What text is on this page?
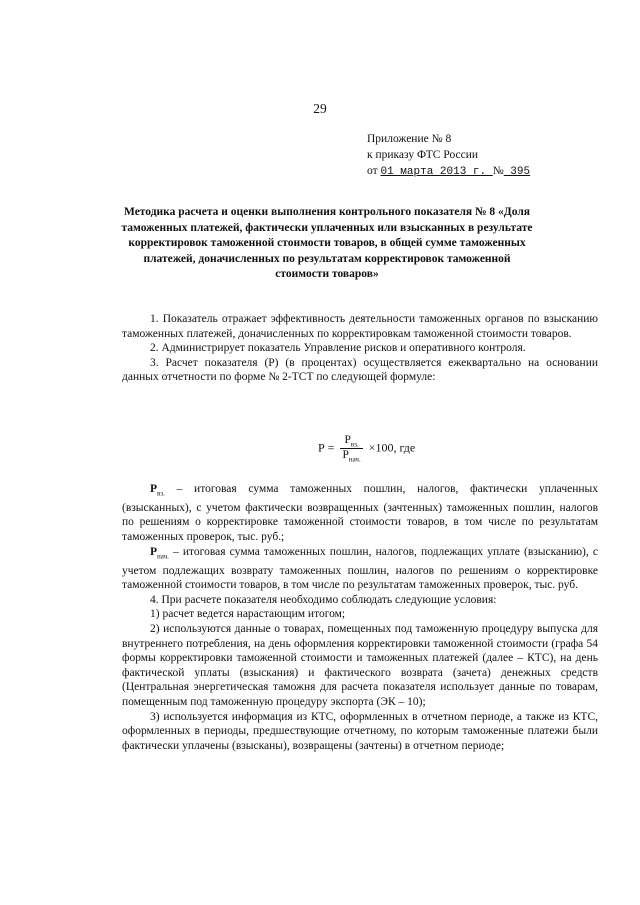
29
Приложение № 8
к приказу ФТС России
от 01 марта 2013 г. № 395
Методика расчета и оценки выполнения контрольного показателя № 8 «Доля таможенных платежей, фактически уплаченных или взысканных в результате корректировок таможенной стоимости товаров, в общей сумме таможенных платежей, доначисленных по результатам корректировок таможенной стоимости товаров»

1. Показатель отражает эффективность деятельности таможенных органов по взысканию таможенных платежей, доначисленных по корректировкам таможенной стоимости товаров.

2. Администрирует показатель Управление рисков и оперативного контроля.

3. Расчет показателя (Р) (в процентах) осуществляется ежеквартально на основании данных отчетности по форме № 2-ТСТ по следующей формуле:

$Р = \frac{Р_{вз.}}{Р_{нач.}} \times 100$, где

$Р_{вз.}$ – итоговая сумма таможенных пошлин, налогов, фактически уплаченных (взысканных), с учетом фактически возвращенных (зачтенных) таможенных пошлин, налогов по решениям о корректировке таможенной стоимости товаров, в том числе по результатам таможенных проверок, тыс. руб.;

$Р_{нач.}$ – итоговая сумма таможенных пошлин, налогов, подлежащих уплате (взысканию), с учетом подлежащих возврату таможенных пошлин, налогов по решениям о корректировке таможенной стоимости товаров, в том числе по результатам таможенных проверок, тыс. руб.

4. При расчете показателя необходимо соблюдать следующие условия:

1) расчет ведется нарастающим итогом;

2) используются данные о товарах, помещенных под таможенную процедуру выпуска для внутреннего потребления, на день оформления корректировки таможенной стоимости (графа 54 формы корректировки таможенной стоимости и таможенных платежей (далее – КТС), на день фактической уплаты (взыскания) и фактического возврата (зачета) денежных средств (Центральная энергетическая таможня для расчета показателя использует данные по товарам, помещенным под таможенную процедуру экспорта (ЭК – 10);

3) используется информация из КТС, оформленных в отчетном периоде, а также из КТС, оформленных в периоды, предшествующие отчетному, по которым таможенные платежи были фактически уплачены (взысканы), возвращены (зачтены) в отчетном периоде;
